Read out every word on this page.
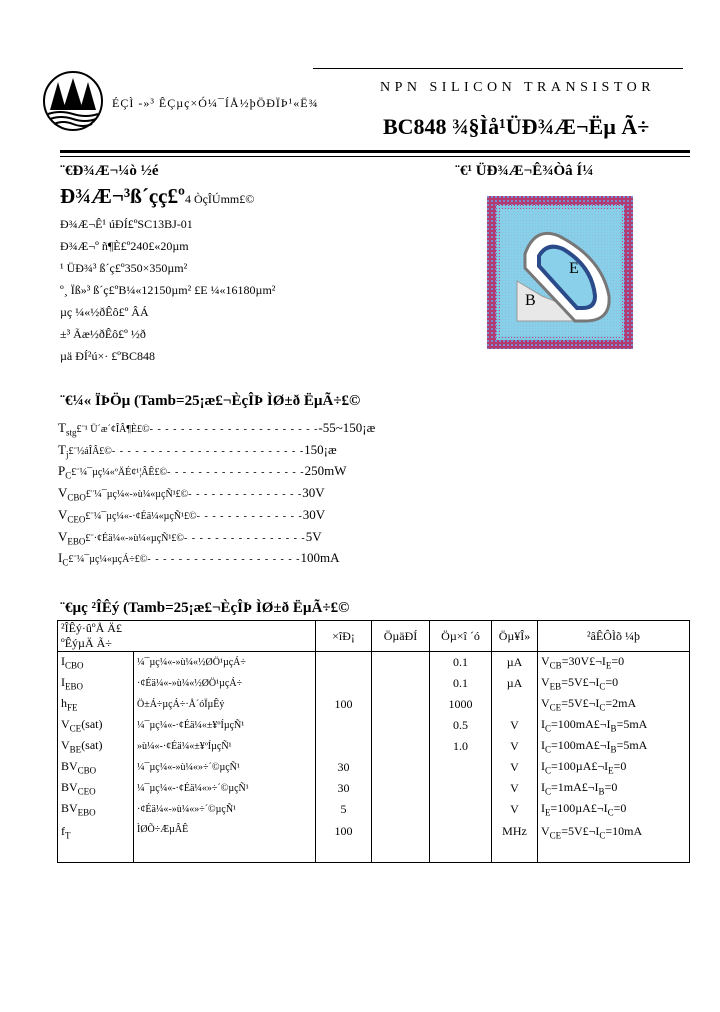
ÉÇÌ -»³ ÊÇµç×Ó¼¯ÍÅ½þÖÐÏÞ¹«Ë¾
NPN SILICON TRANSISTOR
BC848 ¾§Ìå¹ÜÐ¾Æ¬Ëµ Ã÷
¨€Ð¾Æ¬¼ò ½é
Ð¾Æ¬³ß´çç£º4 ÒçÎÚmm£©
Ð¾Æ¬Ê¹ úÐÍ£ºSC13BJ-01
Ð¾Æ¬º ñ¶È£º240£«20µm
¹ ÜÐ¾³ ß´ç£º350×350µm²
º¸ Ïß»³ ß´ç£ºB¼«12150µm² £E ¼«16180µm²
µç ¼«½ðÊô£º ÂÁ
±³ Ãæ½ðÊô£º ½ð
µä ÐÍ²ú×· £ºBC848
¨€¹ ÜÐ¾Æ¬Ê¾Òâ Í¼
E
B
¨€¼« ÏÞÖµ (Tamb=25¡æ£¬ÈçÎÞ ÌØ±ð ËµÃ÷£©
$T_{stg}£¨^1$ Ü´æ´¢ÎÂ¶È£©- - - - - - - - - - - - - - - - - - - - - --55~150¡æ
$T_j£¨\frac{1}{2}áÎÂ£©-$ - - - - - - - - - - - - - - - - - - - - - - - -150¡æ
$P_C£¨\frac{1}{4}¯\mu ç\frac{1}{4}«ºÄÉ¢^1¦ÂÊ£©-$ - - - - - - - - - - - - - - - - -250mW
$V_{CBO}£¨\frac{1}{4}¯\mu ç\frac{1}{4}«-»ù\frac{1}{4}«\mu çÑ^1£©-$ - - - - - - - - - - - - - -30V
$V_{CEO}£¨\frac{1}{4}¯\mu ç\frac{1}{4}«-\cdot¢Éä\frac{1}{4}«\mu çÑ^1£©-$ - - - - - - - - - - - - -30V
$V_{EBO}£¨\cdot¢Éä\frac{1}{4}«-»ù\frac{1}{4}«\mu çÑ^1£©-$ - - - - - - - - - - - - - - -5V
$I_C£¨\frac{1}{4}¯\mu ç\frac{1}{4}«\mu çÁ\div£©-$ - - - - - - - - - - - - - - - - - - -100mA
¨€µç ²ÎÊý (Tamb=25¡æ£¬ÈçÎÞ ÌØ±ð ËµÃ÷£©
²ÎÊý·ûºÅ Ä£ ºÊýµÄ Ã÷		×îÐ¡	ÖµäÐÍ	Öµ×î ´ó	Öµ¥Î»	²âÊÔÌõ ¼þ
$I_{CBO}$	¼¯µç¼«-»ù¼«½ØÖ¹µçÁ÷			0.1	µA	$V_{CB}=30V£\neg I_E=0$
$I_{EBO}$	·¢Éä¼«-»ù¼«½ØÖ¹µçÁ÷			0.1	µA	$V_{EB}=5V£\neg I_C=0$
$h_{FE}$	Ö±Á÷µçÁ÷·Å´óÏµÊý	100		1000		$V_{CE}=5V£\neg I_C=2mA$
$V_{CE}(sat)$	¼¯µç¼«-·¢Éä¼«±¥ºÍµçÑ¹			0.5	V	$I_C=100mA£\neg I_B=5mA$
$V_{BE}(sat)$	»ù¼«-·¢Éä¼«±¥ºÍµçÑ¹			1.0	V	$I_C=100mA£\neg I_B=5mA$
$BV_{CBO}$	¼¯µç¼«-»ù¼«»÷´©µçÑ¹	30			V	$I_C=100\mu A£\neg I_E=0$
$BV_{CEO}$	¼¯µç¼«-·¢Éä¼«»÷´©µçÑ¹	30			V	$I_C=1mA£\neg I_B=0$
$BV_{EBO}$	·¢Éä¼«-»ù¼«»÷´©µçÑ¹	5			V	$I_E=100\mu A£\neg I_C=0$
$f_T$	ÌØÕ÷ÆµÂÊ	100			MHz	$V_{CE}=5V£\neg I_C=10mA$
